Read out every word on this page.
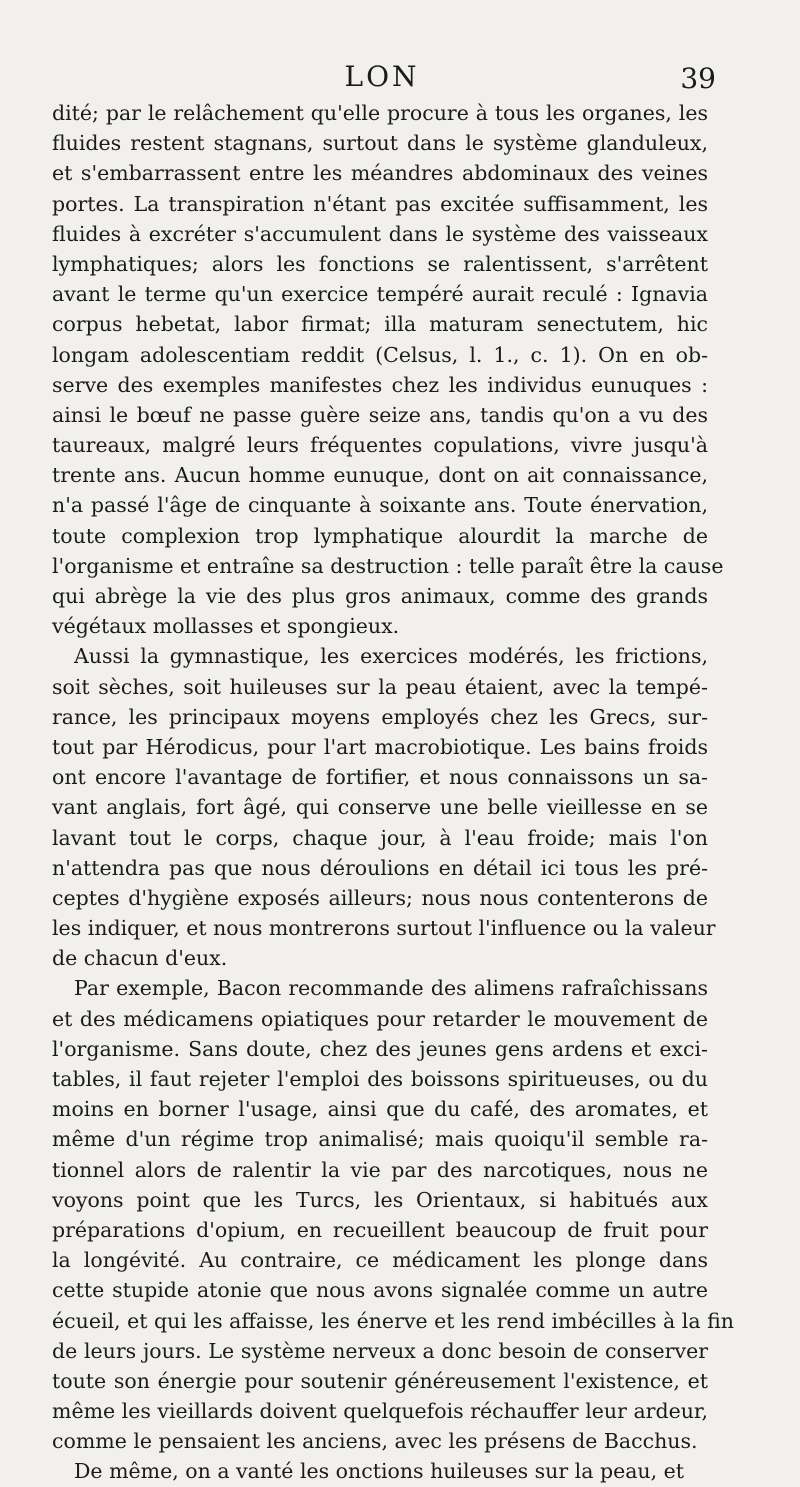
LON	39
dité; par le relâchement qu'elle procure à tous les organes, les
fluides restent stagnans, surtout dans le système glanduleux,
et s'embarrassent entre les méandres abdominaux des veines
portes. La transpiration n'étant pas excitée suffisamment, les
fluides à excréter s'accumulent dans le système des vaisseaux
lymphatiques; alors les fonctions se ralentissent, s'arrêtent
avant le terme qu'un exercice tempéré aurait reculé : Ignavia
corpus hebetat, labor firmat; illa maturam senectutem, hic
longam adolescentiam reddit (Celsus, l. 1., c. 1). On en ob-
serve des exemples manifestes chez les individus eunuques :
ainsi le bœuf ne passe guère seize ans, tandis qu'on a vu des
taureaux, malgré leurs fréquentes copulations, vivre jusqu'à
trente ans. Aucun homme eunuque, dont on ait connaissance,
n'a passé l'âge de cinquante à soixante ans. Toute énervation,
toute complexion trop lymphatique alourdit la marche de
l'organisme et entraîne sa destruction : telle paraît être la cause
qui abrège la vie des plus gros animaux, comme des grands
végétaux mollasses et spongieux.
Aussi la gymnastique, les exercices modérés, les frictions,
soit sèches, soit huileuses sur la peau étaient, avec la tempé-
rance, les principaux moyens employés chez les Grecs, sur-
tout par Hérodicus, pour l'art macrobiotique. Les bains froids
ont encore l'avantage de fortifier, et nous connaissons un sa-
vant anglais, fort âgé, qui conserve une belle vieillesse en se
lavant tout le corps, chaque jour, à l'eau froide; mais l'on
n'attendra pas que nous déroulions en détail ici tous les pré-
ceptes d'hygiène exposés ailleurs; nous nous contenterons de
les indiquer, et nous montrerons surtout l'influence ou la valeur
de chacun d'eux.
Par exemple, Bacon recommande des alimens rafraîchissans
et des médicamens opiatiques pour retarder le mouvement de
l'organisme. Sans doute, chez des jeunes gens ardens et exci-
tables, il faut rejeter l'emploi des boissons spiritueuses, ou du
moins en borner l'usage, ainsi que du café, des aromates, et
même d'un régime trop animalisé; mais quoiqu'il semble ra-
tionnel alors de ralentir la vie par des narcotiques, nous ne
voyons point que les Turcs, les Orientaux, si habitués aux
préparations d'opium, en recueillent beaucoup de fruit pour
la longévité. Au contraire, ce médicament les plonge dans
cette stupide atonie que nous avons signalée comme un autre
écueil, et qui les affaisse, les énerve et les rend imbécilles à la fin
de leurs jours. Le système nerveux a donc besoin de conserver
toute son énergie pour soutenir généreusement l'existence, et
même les vieillards doivent quelquefois réchauffer leur ardeur,
comme le pensaient les anciens, avec les présens de Bacchus.
De même, on a vanté les onctions huileuses sur la peau, et
